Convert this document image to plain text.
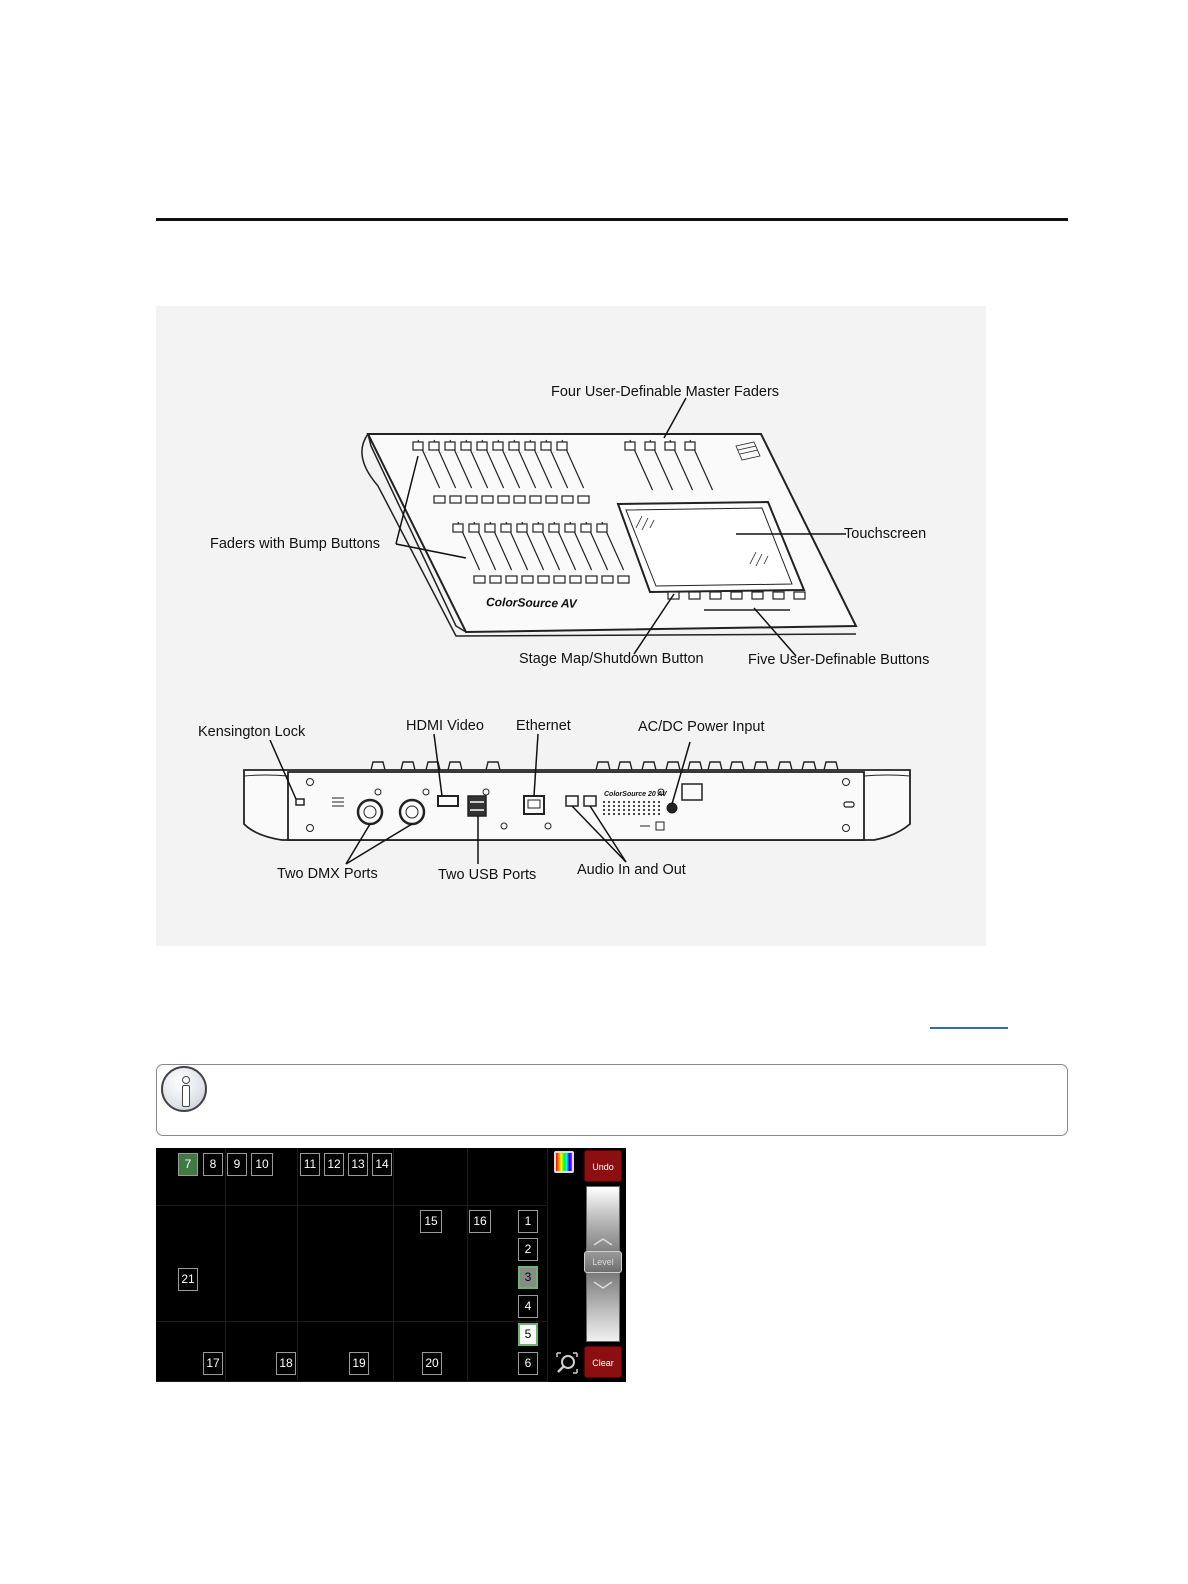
ColorSource AV
Four User-Definable Master Faders
Faders with Bump Buttons
Touchscreen
Stage Map/Shutdown Button	Five User-Definable Buttons
ColorSource 20 AV
Kensington Lock	HDMI Video Ethernet	AC/DC Power Input
Two DMX Ports	Two USB Ports	Audio In and Out
7	8	9	10	11 12 13 14
15	16
21
1
2
3
4
5
6
17	18	19	20
Undo
Level
Clear
